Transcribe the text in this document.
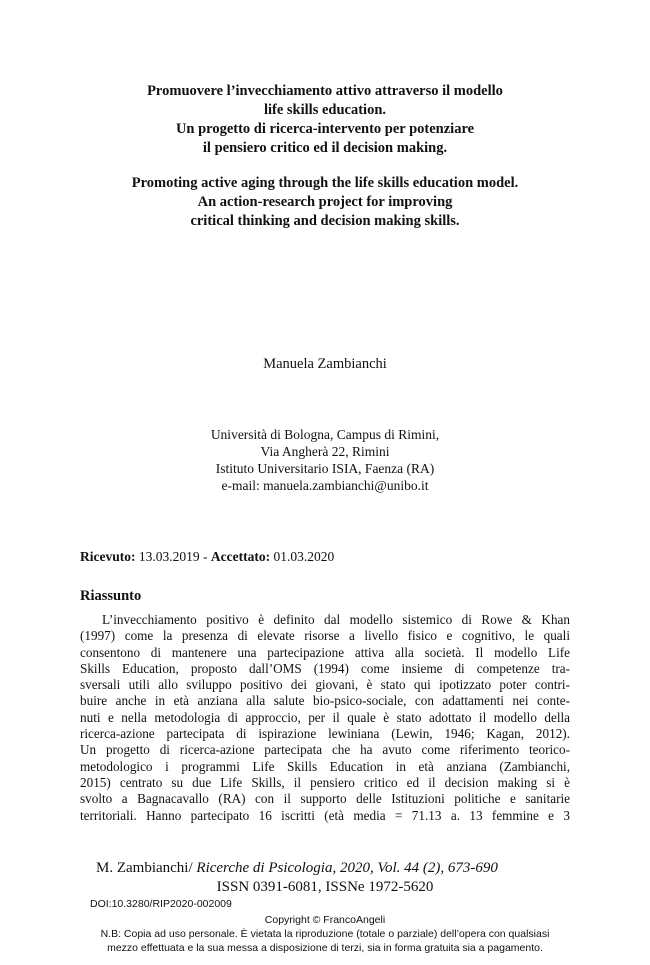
Promuovere l’invecchiamento attivo attraverso il modello
life skills education.
Un progetto di ricerca-intervento per potenziare
il pensiero critico ed il decision making.
Promoting active aging through the life skills education model.
An action-research project for improving
critical thinking and decision making skills.
Manuela Zambianchi
Università di Bologna, Campus di Rimini,
Via Angherà 22, Rimini
Istituto Universitario ISIA, Faenza (RA)
e-mail: manuela.zambianchi@unibo.it
Ricevuto: 13.03.2019 - Accettato: 01.03.2020
Riassunto
L’invecchiamento positivo è definito dal modello sistemico di Rowe & Khan
(1997) come la presenza di elevate risorse a livello fisico e cognitivo, le quali
consentono di mantenere una partecipazione attiva alla società. Il modello Life
Skills Education, proposto dall’OMS (1994) come insieme di competenze tra-
sversali utili allo sviluppo positivo dei giovani, è stato qui ipotizzato poter contri-
buire anche in età anziana alla salute bio-psico-sociale, con adattamenti nei conte-
nuti e nella metodologia di approccio, per il quale è stato adottato il modello della
ricerca-azione partecipata di ispirazione lewiniana (Lewin, 1946; Kagan, 2012).
Un progetto di ricerca-azione partecipata che ha avuto come riferimento teorico-
metodologico i programmi Life Skills Education in età anziana (Zambianchi,
2015) centrato su due Life Skills, il pensiero critico ed il decision making si è
svolto a Bagnacavallo (RA) con il supporto delle Istituzioni politiche e sanitarie
territoriali. Hanno partecipato 16 iscritti (età media = 71.13 a. 13 femmine e 3
M. Zambianchi/ Ricerche di Psicologia, 2020, Vol. 44 (2), 673-690
ISSN 0391-6081, ISSNe 1972-5620
DOI:10.3280/RIP2020-002009
Copyright © FrancoAngeli
N.B: Copia ad uso personale. È vietata la riproduzione (totale o parziale) dell’opera con qualsiasi
mezzo effettuata e la sua messa a disposizione di terzi, sia in forma gratuita sia a pagamento.
